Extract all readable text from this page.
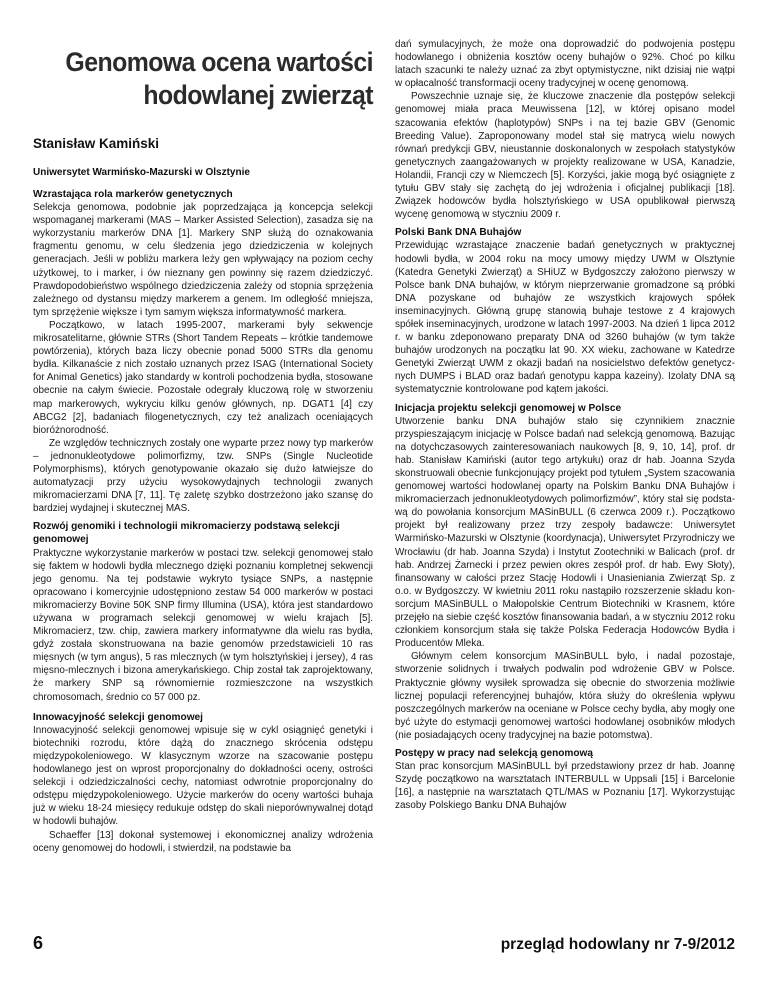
Genomowa ocena wartości
hodowlanej zwierząt
Stanisław Kamiński
Uniwersytet Warmińsko-Mazurski w Olsztynie
Wzrastająca rola markerów genetycznych

Selekcja genomowa, podobnie jak poprzedzająca ją koncepcja selekcji wspomaganej markerami (MAS – Marker Assisted Selection), zasadza się na wykorzystaniu markerów DNA [1]. Markery SNP służą do oznakowania fragmentu genomu, w celu śledzenia jego dziedziczenia w kolejnych generacjach. Jeśli w pobliżu markera leży gen wpływający na poziom cechy użytkowej, to i marker, i ów nieznany gen powinny się razem dziedziczyć. Prawdopodobieństwo wspólnego dziedziczenia zależy od stopnia sprzężenia zależnego od dystansu między markerem a genem. Im odległość mniejsza, tym sprzężenie większe i tym samym większa informatywność markera.

Początkowo, w latach 1995-2007, markerami były sekwencje mikrosatelitarne, głównie STRs (Short Tandem Repeats – krótkie tandemowe powtórzenia), których baza liczy obecnie ponad 5000 STRs dla genomu bydła. Kilkanaście z nich zostało uznanych przez ISAG (International Society for Animal Genetics) jako standardy w kontroli pochodzenia bydła, stosowane obecnie na całym świecie. Pozostałe odegrały kluczową rolę w stworzeniu map markerowych, wykryciu kilku genów głównych, np. DGAT1 [4] czy ABCG2 [2], badaniach filogenetycznych, czy też analizach oceniających bioróżnorodność.

Ze względów technicznych zostały one wyparte przez nowy typ markerów – jednonukleotydowe polimorfizmy, tzw. SNPs (Single Nucleotide Polymorphisms), których genotypowanie okazało się dużo łatwiejsze do automatyzacji przy użyciu wysokowydajnych technologii zwanych mikromacierzami DNA [7, 11]. Tę zaletę szybko dostrzeżono jako szansę do bardziej wydajnej i skutecznej MAS.

Rozwój genomiki i technologii mikromacierzy podstawą selekcji genomowej

Praktyczne wykorzystanie markerów w postaci tzw. selekcji genomowej stało się faktem w hodowli bydła mlecznego dzięki poznaniu kompletnej sekwencji jego genomu. Na tej podstawie wykryto tysiące SNPs, a następnie opracowano i komercyjnie udostępniono zestaw 54 000 markerów w postaci mikromacierzy Bovine 50K SNP firmy Illumina (USA), która jest standardowo używana w programach selekcji genomowej w wielu krajach [5]. Mikromacierz, tzw. chip, zawiera markery informatywne dla wielu ras bydła, gdyż została skonstruowana na bazie genomów przedstawicieli 10 ras mięsnych (w tym angus), 5 ras mlecznych (w tym holsztyńskiej i jersey), 4 ras mięsno-mlecznych i bizona amerykańskiego. Chip został tak zaprojektowany, że markery SNP są równomiernie rozmieszczone na wszystkich chromosomach, średnio co 57 000 pz.

Innowacyjność selekcji genomowej

Innowacyjność selekcji genomowej wpisuje się w cykl osiągnięć genetyki i biotechniki rozrodu, które dążą do znacznego skrócenia odstępu międzypokoleniowego. W klasycznym wzorze na szacowanie postępu hodowlanego jest on wprost proporcjonalny do dokładności oceny, ostrości selekcji i odziedziczalności cechy, natomiast odwrotnie proporcjonalny do odstępu międzypokoleniowego. Użycie markerów do oceny wartości buhaja już w wieku 18-24 miesięcy redukuje odstęp do skali nieporównywalnej dotąd w hodowli buhajów.

Schaeffer [13] dokonał systemowej i ekonomicznej analizy wdrożenia oceny genomowej do hodowli, i stwierdził, na podstawie ba

dań symulacyjnych, że może ona doprowadzić do podwojenia postępu hodowlanego i obniżenia kosztów oceny buhajów o 92%. Choć po kilku latach szacunki te należy uznać za zbyt optymistyczne, nikt dzisiaj nie wątpi w opłacalność transformacji oceny tradycyjnej w ocenę genomową.

Powszechnie uznaje się, że kluczowe znaczenie dla postępów selekcji genomowej miała praca Meuwissena [12], w której opisano model szacowania efektów (haplotypów) SNPs i na tej bazie GBV (Genomic Breeding Value). Zaproponowany model stał się matrycą wielu nowych równań predykcji GBV, nieustannie doskonalonych w zespołach statystyków genetycznych zaangażowanych w projekty realizowane w USA, Kanadzie, Holandii, Francji czy w Niemczech [5]. Korzyści, jakie mogą być osiągnięte z tytułu GBV stały się zachętą do jej wdrożenia i oficjalnej publikacji [18]. Związek hodowców bydła holsztyńskiego w USA opublikował pierwszą wycenę genomową w styczniu 2009 r.

Polski Bank DNA Buhajów

Przewidując wzrastające znaczenie badań genetycznych w praktycznej hodowli bydła, w 2004 roku na mocy umowy między UWM w Olsztynie (Katedra Genetyki Zwierząt) a SHiUZ w Bydgoszczy założono pierwszy w Polsce bank DNA buhajów, w którym nieprzerwanie gromadzone są próbki DNA pozyskane od buhajów ze wszystkich krajowych spółek inseminacyjnych. Główną grupę stanowią buhaje testowe z 4 krajowych spółek inseminacyjnych, urodzone w latach 1997-2003. Na dzień 1 lipca 2012 r. w banku zdeponowano preparaty DNA od 3260 buhajów (w tym także buhajów urodzonych na początku lat 90. XX wieku, zachowane w Katedrze Genetyki Zwierząt UWM z okazji badań na nosicielstwo defektów genetycznych DUMPS i BLAD oraz badań genotypu kappa kazeiny). Izolaty DNA są systematycznie kontrolowane pod kątem jakości.

Inicjacja projektu selekcji genomowej w Polsce

Utworzenie banku DNA buhajów stało się czynnikiem znacznie przyspieszającym inicjację w Polsce badań nad selekcją genomową. Bazując na dotychczasowych zainteresowaniach naukowych [8, 9, 10, 14], prof. dr hab. Stanisław Kamiński (autor tego artykułu) oraz dr hab. Joanna Szyda skonstruowali obecnie funkcjonujący projekt pod tytułem „System szacowania genomowej wartości hodowlanej oparty na Polskim Banku DNA Buhajów i mikromacierzach jednonukleotydowych polimorfizmów”, który stał się podstawą do powołania konsorcjum MASinBULL (6 czerwca 2009 r.). Początkowo projekt był realizowany przez trzy zespoły badawcze: Uniwersytet Warmińsko-Mazurski w Olsztynie (koordynacja), Uniwersytet Przyrodniczy we Wrocławiu (dr hab. Joanna Szyda) i Instytut Zootechniki w Balicach (prof. dr hab. Andrzej Żarnecki i przez pewien okres zespół prof. dr hab. Ewy Słoty), finansowany w całości przez Stację Hodowli i Unasieniania Zwierząt Sp. z o.o. w Bydgoszczy. W kwietniu 2011 roku nastąpiło rozszerzenie składu konsorcjum MASinBULL o Małopolskie Centrum Biotechniki w Krasnem, które przejęło na siebie część kosztów finansowania badań, a w styczniu 2012 roku członkiem konsorcjum stała się także Polska Federacja Hodowców Bydła i Producentów Mleka.

Głównym celem konsorcjum MASinBULL było, i nadal pozostaje, stworzenie solidnych i trwałych podwalin pod wdrożenie GBV w Polsce. Praktycznie główny wysiłek sprowadza się obecnie do stworzenia możliwie licznej populacji referencyjnej buhajów, która służy do określenia wpływu poszczególnych markerów na oceniane w Polsce cechy bydła, aby mogły one być użyte do estymacji genomowej wartości hodowlanej osobników młodych (nie posiadających oceny tradycyjnej na bazie potomstwa).

Postępy w pracy nad selekcją genomową

Stan prac konsorcjum MASinBULL był przedstawiony przez dr hab. Joannę Szydę początkowo na warsztatach INTERBULL w Uppsali [15] i Barcelonie [16], a następnie na warsztatach QTL/MAS w Poznaniu [17]. Wykorzystując zasoby Polskiego Banku DNA Buhajów

6	przegląd hodowlany nr 7-9/2012
